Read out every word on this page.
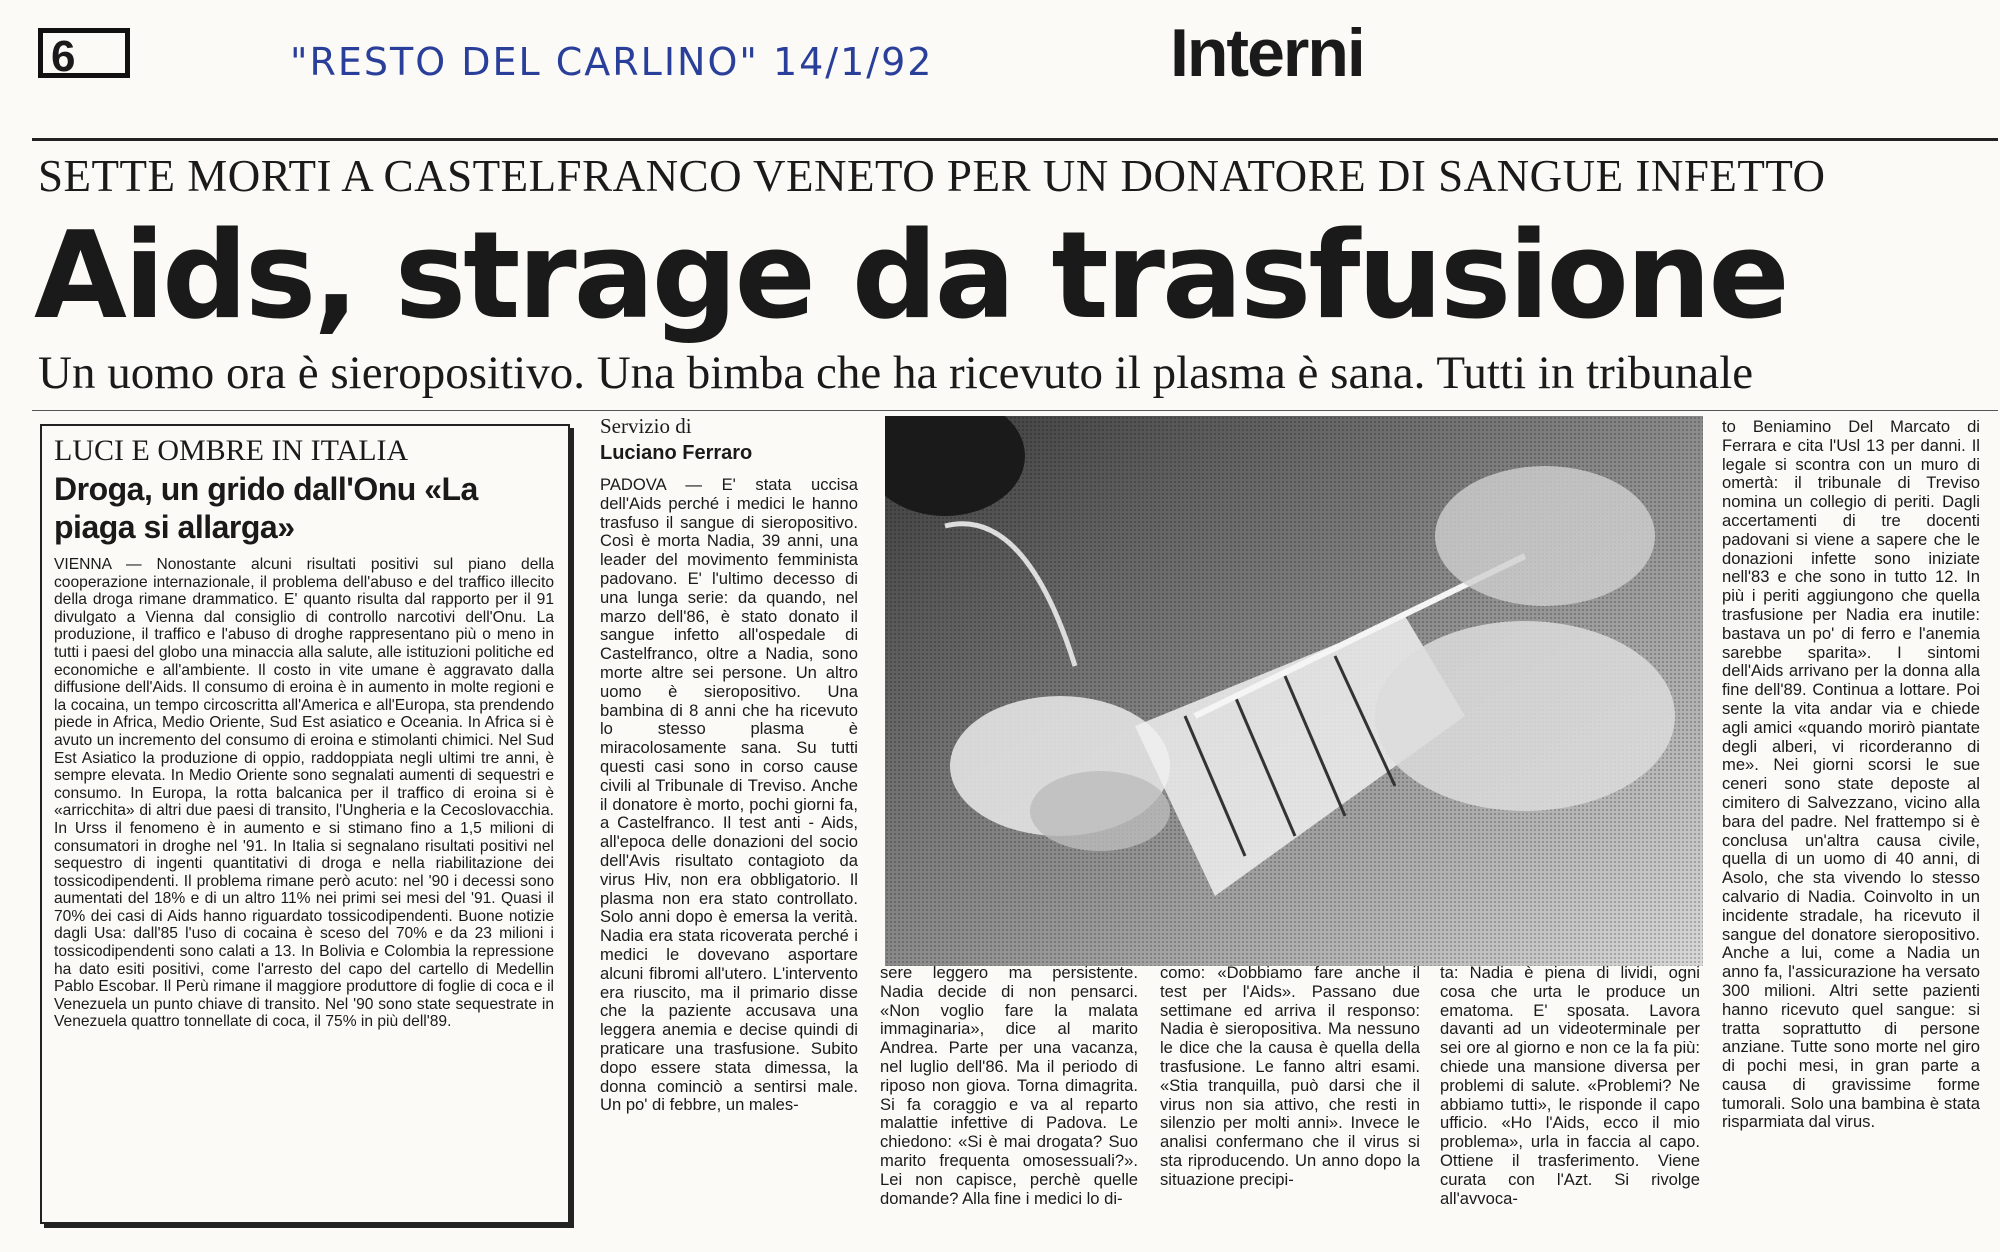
6	"RESTO DEL CARLINO" 14/1/92	Interni
SETTE MORTI A CASTELFRANCO VENETO PER UN DONATORE DI SANGUE INFETTO
Aids, strage da trasfusione
Un uomo ora è sieropositivo. Una bimba che ha ricevuto il plasma è sana. Tutti in tribunale
LUCI E OMBRE IN ITALIA
Droga, un grido dall'Onu «La piaga si allarga»

VIENNA — Nonostante alcuni risultati positivi sul piano della cooperazione internazionale, il problema dell'abuso e del traffico illecito della droga rimane drammatico. E' quanto risulta dal rapporto per il 91 divulgato a Vienna dal consiglio di controllo narcotivi dell'Onu. La produzione, il traffico e l'abuso di droghe rappresentano più o meno in tutti i paesi del globo una minaccia alla salute, alle istituzioni politiche ed economiche e all'ambiente. Il costo in vite umane è aggravato dalla diffusione dell'Aids. Il consumo di eroina è in aumento in molte regioni e la cocaina, un tempo circoscritta all'America e all'Europa, sta prendendo piede in Africa, Medio Oriente, Sud Est asiatico e Oceania. In Africa si è avuto un incremento del consumo di eroina e stimolanti chimici. Nel Sud Est Asiatico la produzione di oppio, raddoppiata negli ultimi tre anni, è sempre elevata. In Medio Oriente sono segnalati aumenti di sequestri e consumo. In Europa, la rotta balcanica per il traffico di eroina si è «arricchita» di altri due paesi di transito, l'Ungheria e la Cecoslovacchia. In Urss il fenomeno è in aumento e si stimano fino a 1,5 milioni di consumatori in droghe nel '91. In Italia si segnalano risultati positivi nel sequestro di ingenti quantitativi di droga e nella riabilitazione dei tossicodipendenti. Il problema rimane però acuto: nel '90 i decessi sono aumentati del 18% e di un altro 11% nei primi sei mesi del '91. Quasi il 70% dei casi di Aids hanno riguardato tossicodipendenti. Buone notizie dagli Usa: dall'85 l'uso di cocaina è sceso del 70% e da 23 milioni i tossicodipendenti sono calati a 13. In Bolivia e Colombia la repressione ha dato esiti positivi, come l'arresto del capo del cartello di Medellin Pablo Escobar. Il Perù rimane il maggiore produttore di foglie di coca e il Venezuela un punto chiave di transito. Nel '90 sono state sequestrate in Venezuela quattro tonnellate di coca, il 75% in più dell'89.

Servizio di
Luciano Ferraro

PADOVA — E' stata uccisa dell'Aids perché i medici le hanno trasfuso il sangue di sieropositivo. Così è morta Nadia, 39 anni, una leader del movimento femminista padovano. E' l'ultimo decesso di una lunga serie: da quando, nel marzo dell'86, è stato donato il sangue infetto all'ospedale di Castelfranco, oltre a Nadia, sono morte altre sei persone. Un altro uomo è sieropositivo. Una bambina di 8 anni che ha ricevuto lo stesso plasma è miracolosamente sana. Su tutti questi casi sono in corso cause civili al Tribunale di Treviso. Anche il donatore è morto, pochi giorni fa, a Castelfranco. Il test anti - Aids, all'epoca delle donazioni del socio dell'Avis risultato contagioto da virus Hiv, non era obbligatorio. Il plasma non era stato controllato. Solo anni dopo è emersa la verità. Nadia era stata ricoverata perché i medici le dovevano asportare alcuni fibromi all'utero. L'intervento era riuscito, ma il primario disse che la paziente accusava una leggera anemia e decise quindi di praticare una trasfusione. Subito dopo essere stata dimessa, la donna cominciò a sentirsi male. Un po' di febbre, un males-

sere leggero ma persistente. Nadia decide di non pensarci. «Non voglio fare la malata immaginaria», dice al marito Andrea. Parte per una vacanza, nel luglio dell'86. Ma il periodo di riposo non giova. Torna dimagrita. Si fa coraggio e va al reparto malattie infettive di Padova. Le chiedono: «Si è mai drogata? Suo marito frequenta omosessuali?». Lei non capisce, perchè quelle domande? Alla fine i medici lo di-

como: «Dobbiamo fare anche il test per l'Aids». Passano due settimane ed arriva il responso: Nadia è sieropositiva. Ma nessuno le dice che la causa è quella della trasfusione. Le fanno altri esami. «Stia tranquilla, può darsi che il virus non sia attivo, che resti in silenzio per molti anni». Invece le analisi confermano che il virus si sta riproducendo. Un anno dopo la situazione precipi-

ta: Nadia è piena di lividi, ogni cosa che urta le produce un ematoma. E' sposata. Lavora davanti ad un videoterminale per sei ore al giorno e non ce la fa più: chiede una mansione diversa per problemi di salute. «Problemi? Ne abbiamo tutti», le risponde il capo ufficio. «Ho l'Aids, ecco il mio problema», urla in faccia al capo. Ottiene il trasferimento. Viene curata con l'Azt. Si rivolge all'avvoca-

to Beniamino Del Marcato di Ferrara e cita l'Usl 13 per danni. Il legale si scontra con un muro di omertà: il tribunale di Treviso nomina un collegio di periti. Dagli accertamenti di tre docenti padovani si viene a sapere che le donazioni infette sono iniziate nell'83 e che sono in tutto 12. In più i periti aggiungono che quella trasfusione per Nadia era inutile: bastava un po' di ferro e l'anemia sarebbe sparita». I sintomi dell'Aids arrivano per la donna alla fine dell'89. Continua a lottare. Poi sente la vita andar via e chiede agli amici «quando morirò piantate degli alberi, vi ricorderanno di me». Nei giorni scorsi le sue ceneri sono state deposte al cimitero di Salvezzano, vicino alla bara del padre. Nel frattempo si è conclusa un'altra causa civile, quella di un uomo di 40 anni, di Asolo, che sta vivendo lo stesso calvario di Nadia. Coinvolto in un incidente stradale, ha ricevuto il sangue del donatore sieropositivo. Anche a lui, come a Nadia un anno fa, l'assicurazione ha versato 300 milioni. Altri sette pazienti hanno ricevuto quel sangue: si tratta soprattutto di persone anziane. Tutte sono morte nel giro di pochi mesi, in gran parte a causa di gravissime forme tumorali. Solo una bambina è stata risparmiata dal virus.
